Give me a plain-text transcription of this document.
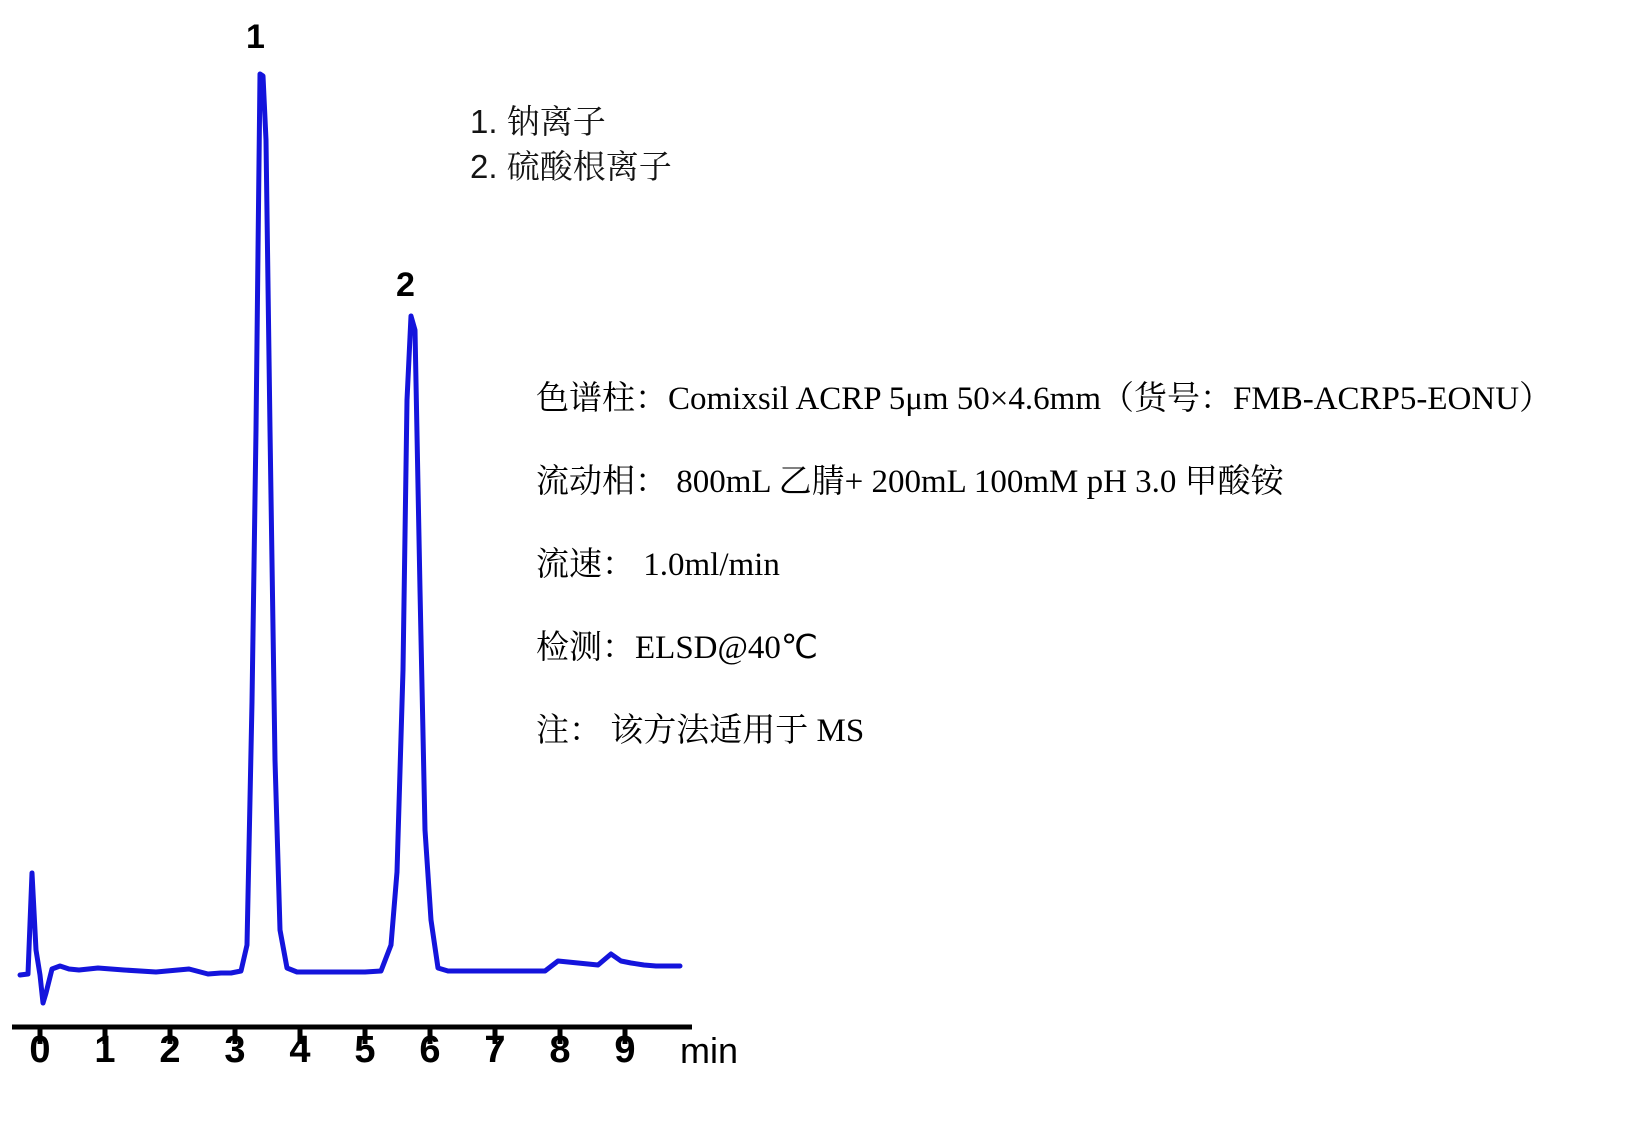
1
2
0 1 2 3 4 5 6 7 8 9 min
1. 钠离子
2. 硫酸根离子
色谱柱：Comixsil ACRP 5μm 50×4.6mm（货号：FMB-ACRP5-EONU）
流动相： 800mL 乙腈+ 200mL 100mM pH 3.0 甲酸铵
流速： 1.0ml/min
检测：ELSD@40℃
注： 该方法适用于 MS
